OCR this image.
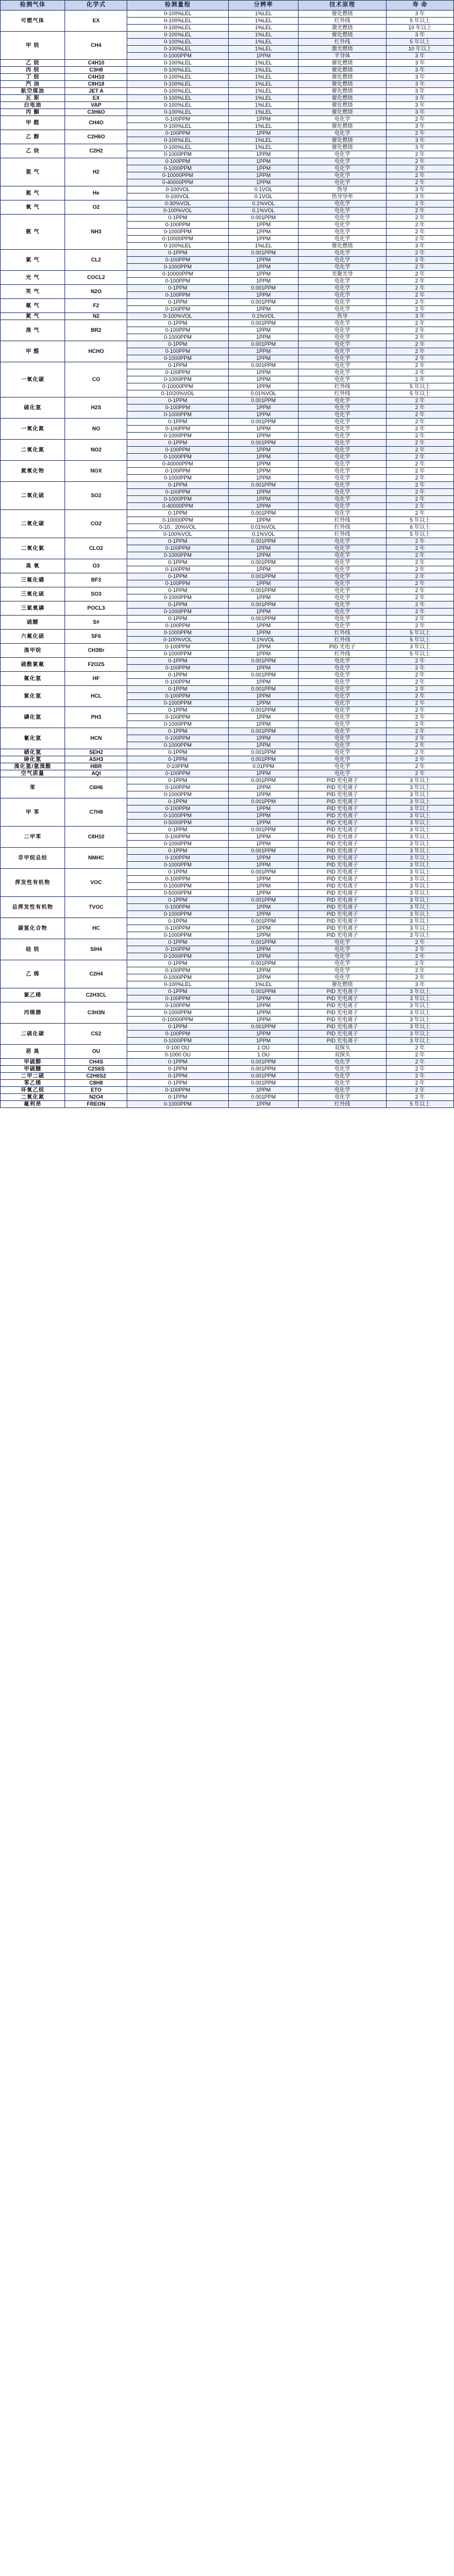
检测气体	化学式	检测量程	分辨率	技术原理	寿 命
可燃气体	EX	0-100%LEL	1%LEL	催化燃烧	3 年
		0-100%LEL	1%LEL	红外线	5 年以上
		0-100%LEL	1%LEL	激光燃烧	10 年以上
甲 烷	CH4	0-100%LEL	1%LEL	催化燃烧	3 年
		0-100%LEL	1%LEL	红外线	5 年以上
		0-100%LEL	1%LEL	激光燃烧	10 年以上
		0-1000PPM	1PPM	半导体	3 年
乙 烷	C4H10	0-100%LEL	1%LEL	催化燃烧	3 年
丙 烷	C3H8	0-100%LEL	1%LEL	催化燃烧	3 年
丁 烷	C4H10	0-100%LEL	1%LEL	催化燃烧	3 年
汽 油	C8H18	0-100%LEL	1%LEL	催化燃烧	3 年
航空煤油	JET A	0-100%LEL	1%LEL	催化燃烧	3 年
瓦 斯	EX	0-100%LEL	1%LEL	催化燃烧	3 年
白电油	VAP	0-100%LEL	1%LEL	催化燃烧	3 年
丙 酮	C3H6O	0-100%LEL	1%LEL	催化燃烧	3 年
甲 醛	CH4O	0-100PPM	1PPM	电化学	2 年
		0-100%LEL	1%LEL	催化燃烧	3 年
乙 醇	C2H6O	0-100PPM	1PPM	电化学	2 年
		0-100%LEL	1%LEL	催化燃烧	3 年
乙 炔	C2H2	0-100%LEL	1%LEL	催化燃烧	3 年
		0-1000PPM	1PPM	电化学	2 年
氢 气	H2	0-100PPM	1PPM	电化学	2 年
		0-1000PPM	1PPM	电化学	2 年
		0-10000PPM	1PPM	电化学	2 年
		0-40000PPM	1PPM	电化学	2 年
氦 气	He	0-100VOL	0.1VOL	热导	3 年
		0-100VOL	0.1VOL	热导导率	3 年
氧 气	O2	0-30%VOL	0.1%VOL	电化学	2 年
		0-100%VOL	0.1%VOL	电化学	2 年
氨 气	NH3	0-1PPM	0.001PPM	电化学	2 年
		0-100PPM	1PPM	电化学	2 年
		0-1000PPM	1PPM	电化学	2 年
		0-10000PPM	1PPM	电化学	2 年
		0-100%LEL	1%LEL	催化燃烧	3 年
氯 气	CL2	0-1PPM	0.001PPM	电化学	2 年
		0-100PPM	1PPM	电化学	2 年
		0-1000PPM	1PPM	电化学	2 年
光 气	COCL2	0-10000PPM	1PPM	光聚光导	2 年
		0-100PPM	1PPM	电化学	2 年
笑 气	N2O	0-1PPM	0.001PPM	电化学	2 年
		0-100PPM	1PPM	电化学	2 年
氟 气	F2	0-1PPM	0.001PPM	电化学	2 年
		0-100PPM	1PPM	电化学	2 年
氮 气	N2	0-100%VOL	0.1%VOL	热导	3 年
溴 气	BR2	0-1PPM	0.001PPM	电化学	2 年
		0-100PPM	1PPM	电化学	2 年
		0-1000PPM	1PPM	电化学	2 年
甲 醛	HCHO	0-1PPM	0.001PPM	电化学	2 年
		0-100PPM	1PPM	电化学	2 年
		0-1000PPM	1PPM	电化学	2 年
一氧化碳	CO	0-1PPM	0.001PPM	电化学	2 年
		0-100PPM	1PPM	电化学	2 年
		0-1000PPM	1PPM	电化学	2 年
		0-10000PPM	1PPM	红外线	5 年以上
		0-10/20%VOL	0.01%VOL	红外线	5 年以上
硫化氢	H2S	0-1PPM	0.001PPM	电化学	2 年
		0-100PPM	1PPM	电化学	2 年
		0-1000PPM	1PPM	电化学	2 年
一氧化氮	NO	0-1PPM	0.001PPM	电化学	2 年
		0-100PPM	1PPM	电化学	2 年
		0-1000PPM	1PPM	电化学	2 年
二氧化氮	NO2	0-1PPM	0.001PPM	电化学	2 年
		0-100PPM	1PPM	电化学	2 年
		0-1000PPM	1PPM	电化学	2 年
氮氧化物	NOX	0-40000PPM	1PPM	电化学	2 年
		0-100PPM	1PPM	电化学	2 年
		0-1000PPM	1PPM	电化学	2 年
二氧化硫	SO2	0-1PPM	0.001PPM	电化学	2 年
		0-100PPM	1PPM	电化学	2 年
		0-1000PPM	1PPM	电化学	2 年
		0-40000PPM	1PPM	电化学	2 年
二氧化碳	CO2	0-1PPM	0.001PPM	电化学	2 年
		0-10000PPM	1PPM	红外线	5 年以上
		0-10、20%VOL	0.01%VOL	红外线	6 年以上
		0-100%VOL	0.1%VOL	红外线	5 年以上
二氧化氯	CLO2	0-1PPM	0.001PPM	电化学	2 年
		0-100PPM	1PPM	电化学	2 年
		0-1000PPM	1PPM	电化学	2 年
臭 氧	O3	0-1PPM	0.001PPM	电化学	2 年
		0-100PPM	1PPM	电化学	2 年
三氟化硼	BF3	0-1PPM	0.001PPM	电化学	2 年
		0-100PPM	1PPM	电化学	2 年
三氧化硫	SO3	0-1PPM	0.001PPM	电化学	2 年
		0-1000PPM	1PPM	电化学	2 年
三氯氧磷	POCL3	0-1PPM	0.001PPM	电化学	2 年
		0-1000PPM	1PPM	电化学	2 年
硫醚	S#	0-1PPM	0.001PPM	电化学	2 年
		0-100PPM	1PPM	电化学	2 年
六氟化硫	SF6	0-1000PPM	1PPM	红外线	5 年以上
		0-100%VOL	0.1%VOL	红外线	5 年以上
溴甲烷	CH3Br	0-100PPM	1PPM	PID 光电子	3 年以上
		0-1000PPM	1PPM	红外线	5 年以上
硫酰氯氟	F2O2S	0-1PPM	0.001PPM	电化学	2 年
		0-100PPM	1PPM	电化学	2 年
氟化氢	HF	0-1PPM	0.001PPM	电化学	2 年
		0-100PPM	1PPM	电化学	2 年
氯化氢	HCL	0-1PPM	0.001PPM	电化学	2 年
		0-100PPM	1PPM	电化学	2 年
		0-1000PPM	1PPM	电化学	2 年
磷化氢	PH3	0-1PPM	0.001PPM	电化学	2 年
		0-100PPM	1PPM	电化学	2 年
		0-1000PPM	1PPM	电化学	2 年
氰化氢	HCN	0-1PPM	0.001PPM	电化学	2 年
		0-100PPM	1PPM	电化学	2 年
		0-1000PPM	1PPM	电化学	2 年
硒化氢	SEH2	0-1PPM	0.001PPM	电化学	2 年
砷化氢	ASH3	0-1PPM	0.001PPM	电化学	2 年
溴化氢/氢溴酸	HBR	0-10PPM	0.01PPM	电化学	2 年
空气质量	AQI	0-100PPM	1PPM	电化学	2 年
苯	C6H6	0-1PPM	0.001PPM	PID 光电离子	3 年以上
		0-100PPM	1PPM	PID 光电离子	3 年以上
		0-1000PPM	1PPM	PID 光电离子	3 年以上
甲 苯	C7H8	0-1PPM	0.001PPM	PID 光电离子	3 年以上
		0-100PPM	1PPM	PID 光电离子	3 年以上
		0-1000PPM	1PPM	PID 光电离子	3 年以上
		0-5000PPM	1PPM	PID 光电离子	3 年以上
二甲苯	C8H10	0-1PPM	0.001PPM	PID 光电离子	3 年以上
		0-100PPM	1PPM	PID 光电离子	3 年以上
		0-1000PPM	1PPM	PID 光电离子	3 年以上
非甲烷总烃	NMHC	0-1PPM	0.001PPM	PID 光电离子	3 年以上
		0-100PPM	1PPM	PID 光电离子	3 年以上
		0-1000PPM	1PPM	PID 光电离子	3 年以上
挥发性有机物	VOC	0-1PPM	0.001PPM	PID 光电离子	3 年以上
		0-100PPM	1PPM	PID 光电离子	3 年以上
		0-1000PPM	1PPM	PID 光电离子	3 年以上
		0-5000PPM	1PPM	PID 光电离子	3 年以上
总挥发性有机物	TVOC	0-1PPM	0.001PPM	PID 光电离子	3 年以上
		0-100PPM	1PPM	PID 光电离子	3 年以上
		0-1000PPM	1PPM	PID 光电离子	3 年以上
碳氢化合物	HC	0-1PPM	0.001PPM	PID 光电离子	3 年以上
		0-100PPM	1PPM	PID 光电离子	3 年以上
		0-1000PPM	1PPM	PID 光电离子	3 年以上
硅 烷	SIH4	0-1PPM	0.001PPM	电化学	2 年
		0-100PPM	1PPM	电化学	2 年
		0-1000PPM	1PPM	电化学	2 年
乙 烯	C2H4	0-1PPM	0.001PPM	电化学	2 年
		0-100PPM	1PPM	电化学	2 年
		0-1000PPM	1PPM	电化学	2 年
		0-100%LEL	1%LEL	催化燃烧	3 年
氯乙烯	C2H3CL	0-1PPM	0.001PPM	PID 光电离子	3 年以上
		0-100PPM	1PPM	PID 光电离子	3 年以上
丙烯腈	C3H3N	0-100PPM	1PPM	PID 光电离子	3 年以上
		0-1000PPM	1PPM	PID 光电离子	3 年以上
		0-10000PPM	1PPM	PID 光电离子	3 年以上
二硫化碳	CS2	0-1PPM	0.001PPM	PID 光电离子	3 年以上
		0-100PPM	1PPM	PID 光电离子	3 年以上
		0-1000PPM	1PPM	PID 光电离子	3 年以上
恶 臭	OU	0-100 OU	1 OU	双探头	2 年
		0-1000 OU	1 OU	双探头	2 年
甲硫醇	CH4S	0-1PPM	0.001PPM	电化学	2 年
甲硫醚	C2S6S	0-1PPM	0.001PPM	电化学	2 年
二甲二硫	C2H6S2	0-1PPM	0.001PPM	电化学	2 年
苯乙烯	C8H8	0-1PPM	0.001PPM	电化学	2 年
环氧乙烷	ETO	0-100PPM	1PPM	电化学	2 年
二氧化氮	N2O4	0-1PPM	0.001PPM	电化学	2 年
氟利昂	FREON	0-1000PPM	1PPM	红外线	5 年以上
